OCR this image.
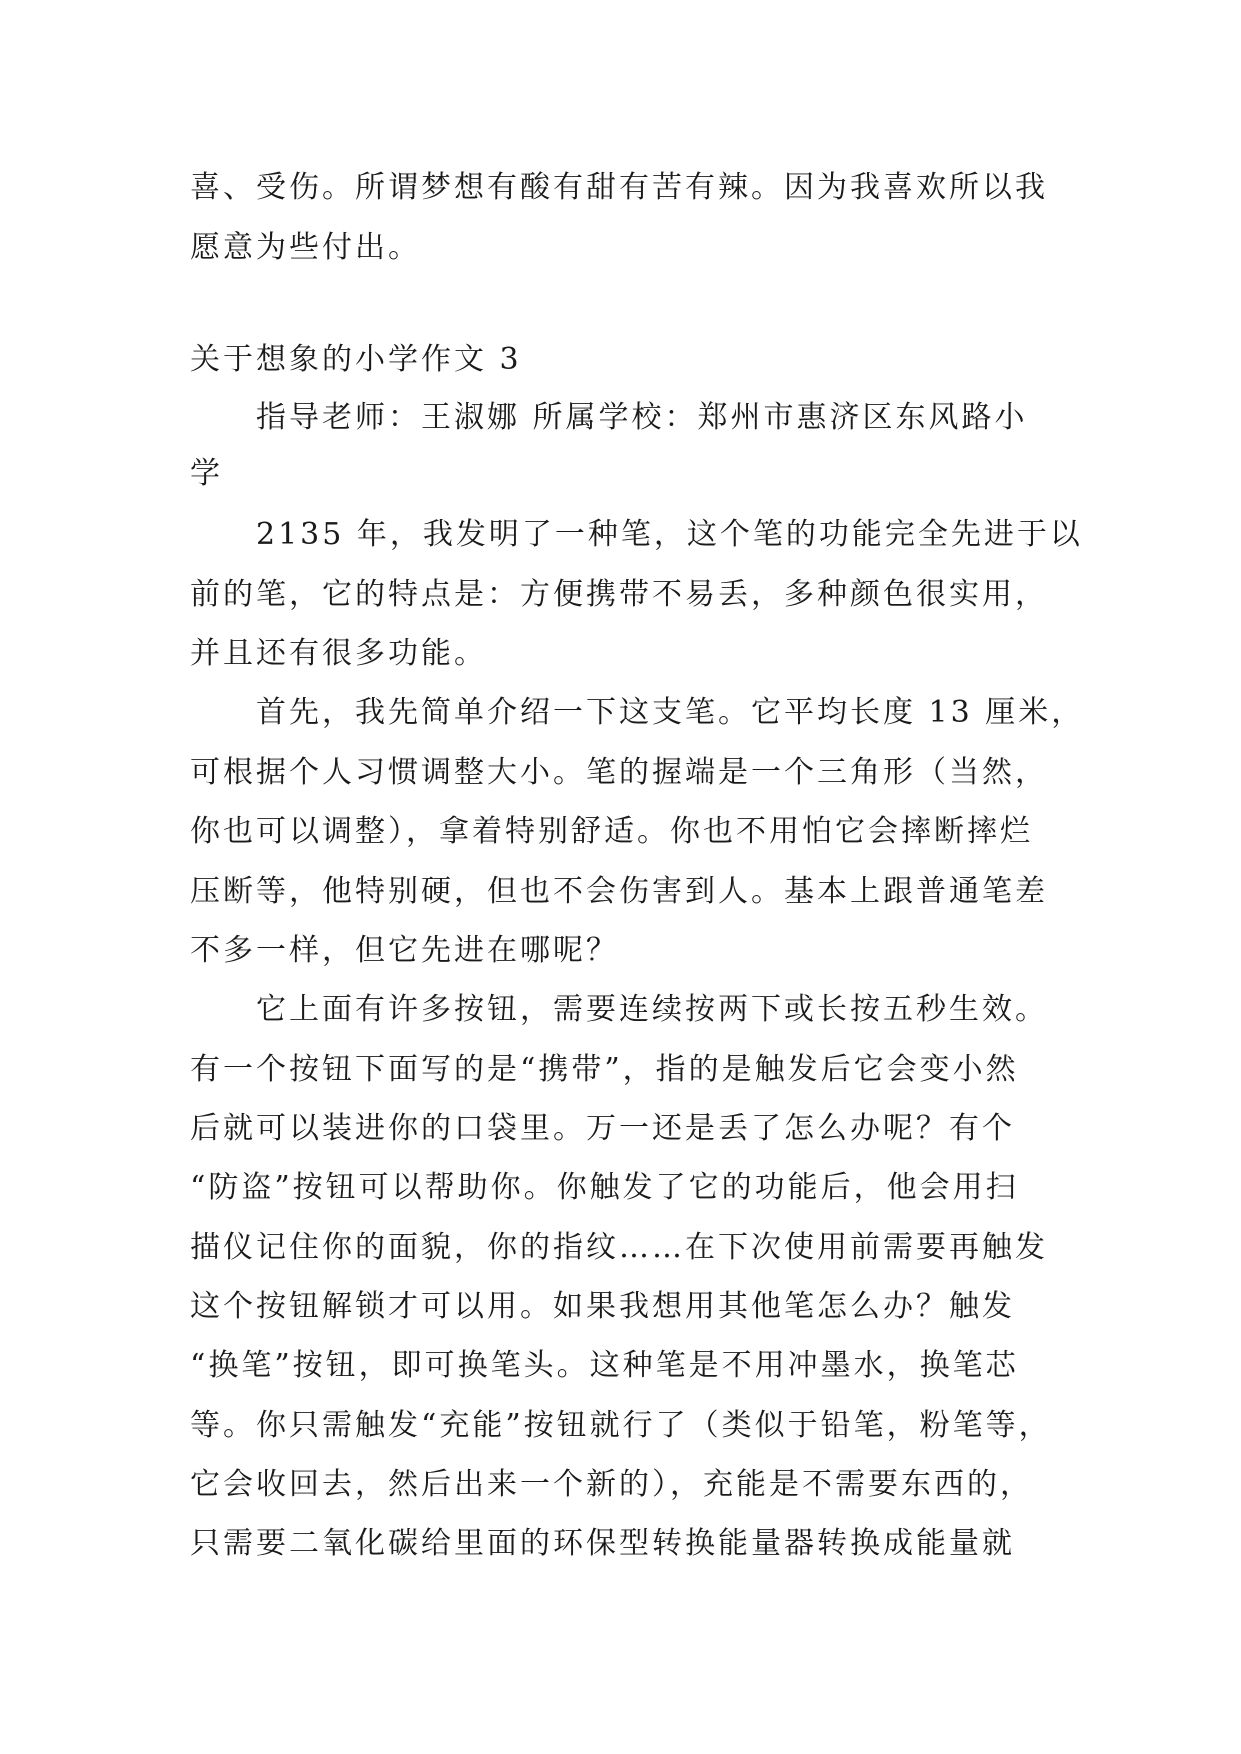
喜、受伤。所谓梦想有酸有甜有苦有辣。因为我喜欢所以我
愿意为些付出。
关于想象的小学作文 3
指导老师：王淑娜 所属学校：郑州市惠济区东风路小
学
2135 年，我发明了一种笔，这个笔的功能完全先进于以
前的笔，它的特点是：方便携带不易丢，多种颜色很实用，
并且还有很多功能。
首先，我先简单介绍一下这支笔。它平均长度 13 厘米，
可根据个人习惯调整大小。笔的握端是一个三角形（当然，
你也可以调整），拿着特别舒适。你也不用怕它会摔断摔烂
压断等，他特别硬，但也不会伤害到人。基本上跟普通笔差
不多一样，但它先进在哪呢？
它上面有许多按钮，需要连续按两下或长按五秒生效。
有一个按钮下面写的是“携带”，指的是触发后它会变小然
后就可以装进你的口袋里。万一还是丢了怎么办呢？有个
“防盗”按钮可以帮助你。你触发了它的功能后，他会用扫
描仪记住你的面貌，你的指纹……在下次使用前需要再触发
这个按钮解锁才可以用。如果我想用其他笔怎么办？触发
“换笔”按钮，即可换笔头。这种笔是不用冲墨水，换笔芯
等。你只需触发“充能”按钮就行了（类似于铅笔，粉笔等，
它会收回去，然后出来一个新的），充能是不需要东西的，
只需要二氧化碳给里面的环保型转换能量器转换成能量就
